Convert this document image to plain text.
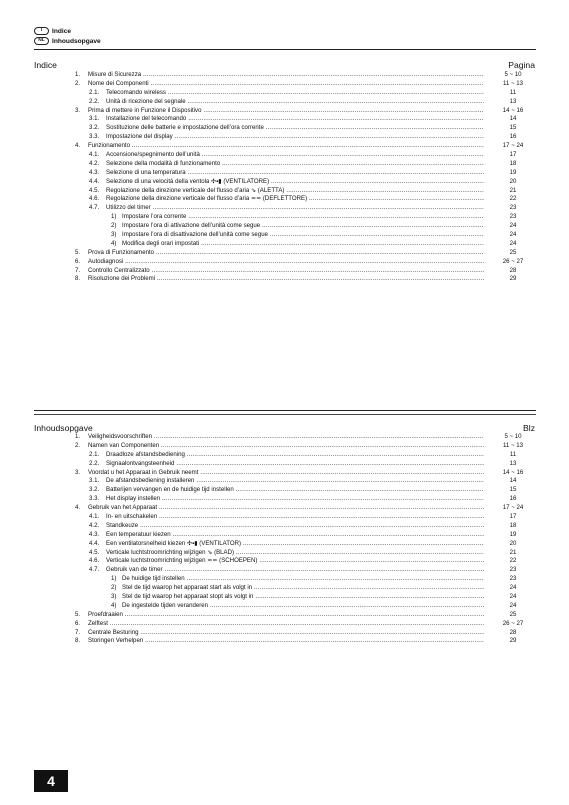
I	Indice
NL	Inhoudsopgave
Indice	Pagina
1. Misure di Sicurezza .....	5 ~ 10
2. Nome dei Componenti .....	11 ~ 13
2.1. Telecomando wireless .....	11
2.2. Unità di ricezione del segnale .....	13
3. Prima di mettere in Funzione il Dispositivo .....	14 ~ 16
3.1. Installazione del telecomando .....	14
3.2. Sostituzione delle batterie e impostazione dell’ora corrente .....	15
3.3. Impostazione del display .....	16
4. Funzionamento .....	17 ~ 24
4.1. Accensione/spegnimento dell’unità .....	17
4.2. Selezione della modalità di funzionamento .....	18
4.3. Selezione di una temperatura .....	19
4.4. Selezione di una velocità della ventola ✣▪▮ (VENTILATORE) .....	20
4.5. Regolazione della direzione verticale del flusso d’aria ⇘ (ALETTA) .....	21
4.6. Regolazione della direzione verticale del flusso d’aria ≂≂ (DEFLETTORE) .....	22
4.7. Utilizzo del timer .....	23
1) Impostare l’ora corrente .....	23
2) Impostare l’ora di attivazione dell’unità come segue .....	24
3) Impostare l’ora di disattivazione dell’unità come segue .....	24
4) Modifica degli orari impostati .....	24
5. Prova di Funzionamento .....	25
6. Autodiagnosi .....	26 ~ 27
7. Controllo Centralizzato .....	28
8. Risoluzione dei Problemi .....	29
Inhoudsopgave	Blz
1. Veiligheidsvoorschriften .....	5 ~ 10
2. Namen van Componenten .....	11 ~ 13
2.1. Draadloze afstandsbediening .....	11
2.2. Signaalontvangsteenheid .....	13
3. Voordat u het Apparaat in Gebruik neemt .....	14 ~ 16
3.1. De afstandsbediening installeren .....	14
3.2. Batterijen vervangen en de huidige tijd instellen .....	15
3.3. Het display instellen .....	16
4. Gebruik van het Apparaat .....	17 ~ 24
4.1. In- en uitschakelen .....	17
4.2. Standkeuze .....	18
4.3. Een temperatuur kiezen .....	19
4.4. Een ventilatorsnelheid kiezen ✣▪▮ (VENTILATOR) .....	20
4.5. Verticale luchtstroomrichting wijzigen ⇘ (BLAD) .....	21
4.6. Verticale luchtstroomrichting wijzigen ≂≂ (SCHOEPEN) .....	22
4.7. Gebruik van de timer .....	23
1) De huidige tijd instellen .....	23
2) Stel de tijd waarop het apparaat start als volgt in .....	24
3) Stel de tijd waarop het apparaat stopt als volgt in .....	24
4) De ingestelde tijden veranderen .....	24
5. Proefdraaien .....	25
6. Zelftest .....	26 ~ 27
7. Centrale Besturing .....	28
8. Storingen Verhelpen .....	29
4
